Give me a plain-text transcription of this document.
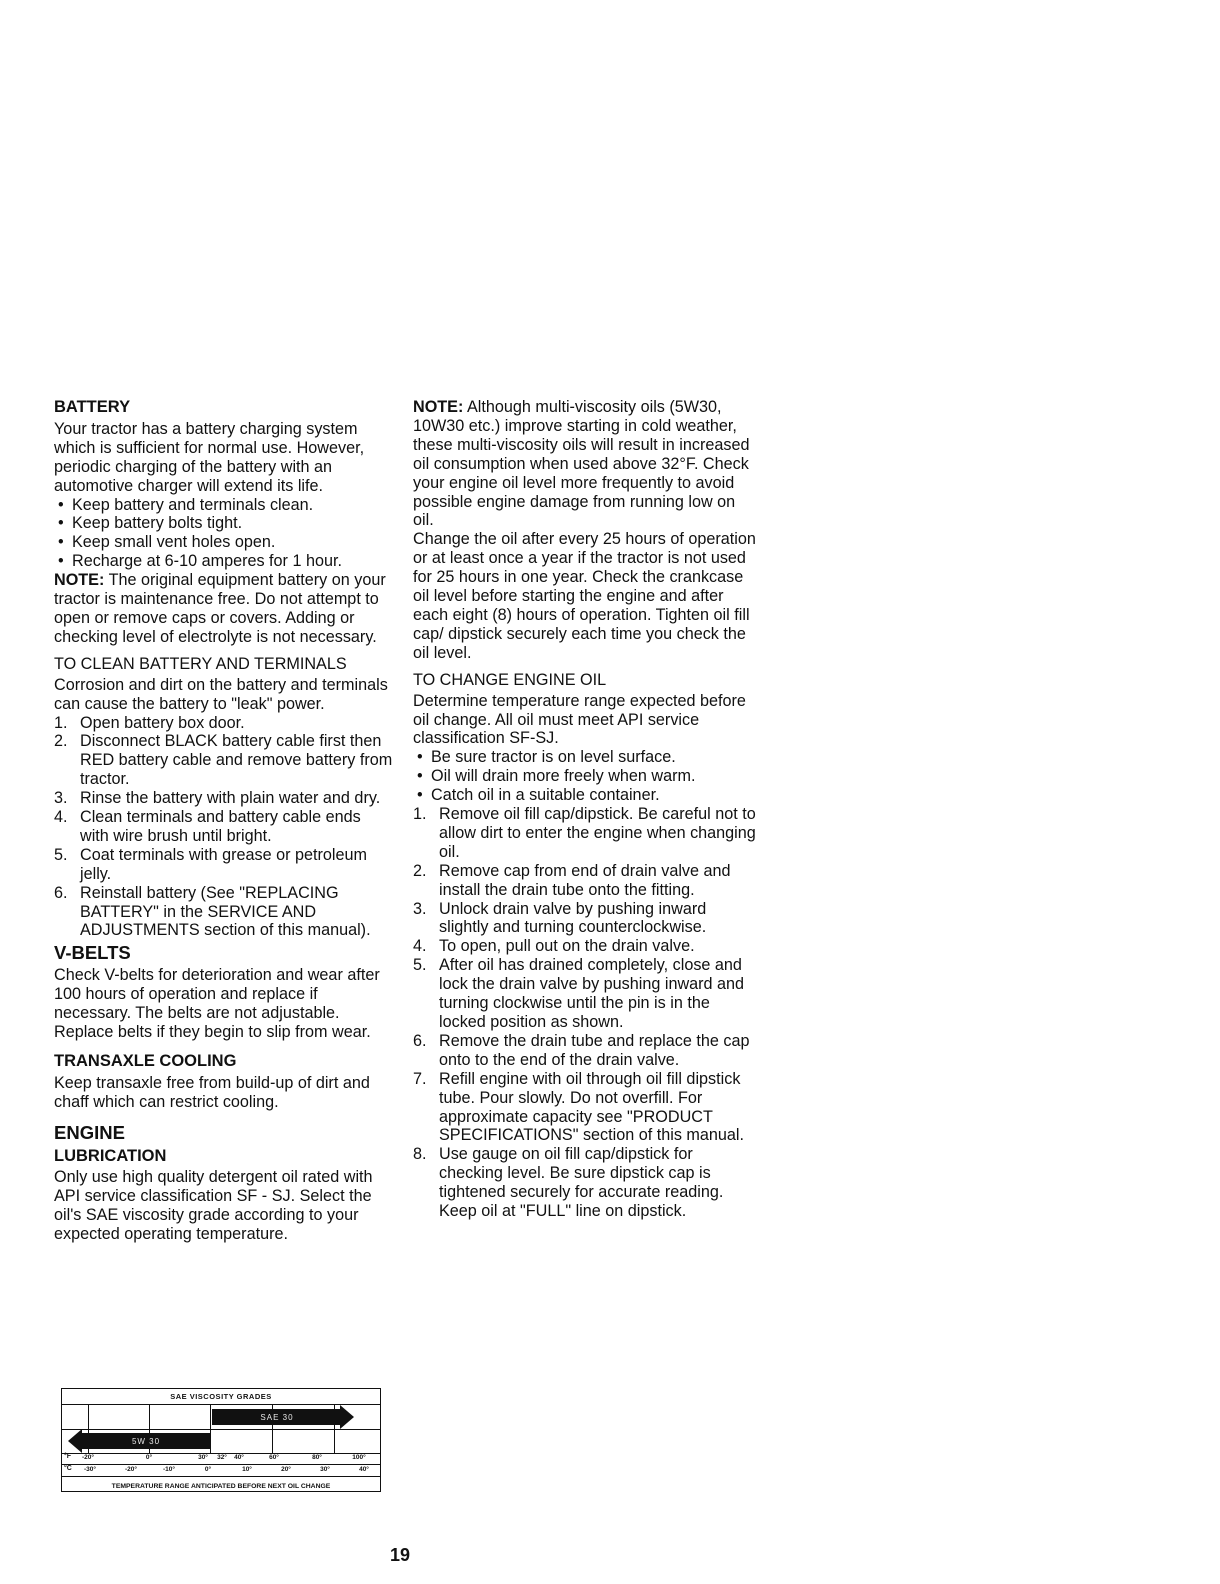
BATTERY

Your tractor has a battery charging system which is sufficient for normal use. However, periodic charging of the battery with an automotive charger will extend its life.

• Keep battery and terminals clean.
• Keep battery bolts tight.
• Keep small vent holes open.
• Recharge at 6-10 amperes for 1 hour.

NOTE: The original equipment battery on your tractor is maintenance free. Do not attempt to open or remove caps or covers. Adding or checking level of electrolyte is not necessary.

TO CLEAN BATTERY AND TERMINALS

Corrosion and dirt on the battery and terminals can cause the battery to "leak" power.

1. Open battery box door.
2. Disconnect BLACK battery cable first then RED battery cable and remove battery from tractor.
3. Rinse the battery with plain water and dry.
4. Clean terminals and battery cable ends with wire brush until bright.
5. Coat terminals with grease or petroleum jelly.
6. Reinstall battery (See "REPLACING BATTERY" in the SERVICE AND ADJUSTMENTS section of this manual).
V-BELTS

Check V-belts for deterioration and wear after 100 hours of operation and replace if necessary. The belts are not adjustable. Replace belts if they begin to slip from wear.

TRANSAXLE COOLING

Keep transaxle free from build-up of dirt and chaff which can restrict cooling.

ENGINE
LUBRICATION

Only use high quality detergent oil rated with API service classification SF - SJ. Select the oil's SAE viscosity grade according to your expected operating temperature.

SAE VISCOSITY GRADES
SAE 30
5W 30
°F -20°	0°	30° 32° 40°	60°	80°	100°
°C -30°	-20°	-10°	0°	10°	20°	30°	40°
TEMPERATURE RANGE ANTICIPATED BEFORE NEXT OIL CHANGE

NOTE: Although multi-viscosity oils (5W30, 10W30 etc.) improve starting in cold weather, these multi-viscosity oils will result in increased oil consumption when used above 32°F. Check your engine oil level more frequently to avoid possible engine damage from running low on oil.

Change the oil after every 25 hours of operation or at least once a year if the tractor is not used for 25 hours in one year. Check the crankcase oil level before starting the engine and after each eight (8) hours of operation. Tighten oil fill cap/ dipstick securely each time you check the oil level.

TO CHANGE ENGINE OIL

Determine temperature range expected before oil change. All oil must meet API service classification SF-SJ.

• Be sure tractor is on level surface.
• Oil will drain more freely when warm.
• Catch oil in a suitable container.
1. Remove oil fill cap/dipstick. Be careful not to allow dirt to enter the engine when changing oil.
2. Remove cap from end of drain valve and install the drain tube onto the fitting.
3. Unlock drain valve by pushing inward slightly and turning counterclockwise.
4. To open, pull out on the drain valve.
5. After oil has drained completely, close and lock the drain valve by pushing inward and turning clockwise until the pin is in the locked position as shown.
6. Remove the drain tube and replace the cap onto to the end of the drain valve.
7. Refill engine with oil through oil fill dipstick tube. Pour slowly. Do not overfill. For approximate capacity see "PRODUCT SPECIFICATIONS" section of this manual.
8. Use gauge on oil fill cap/dipstick for checking level. Be sure dipstick cap is tightened securely for accurate reading. Keep oil at "FULL" line on dipstick.
19
